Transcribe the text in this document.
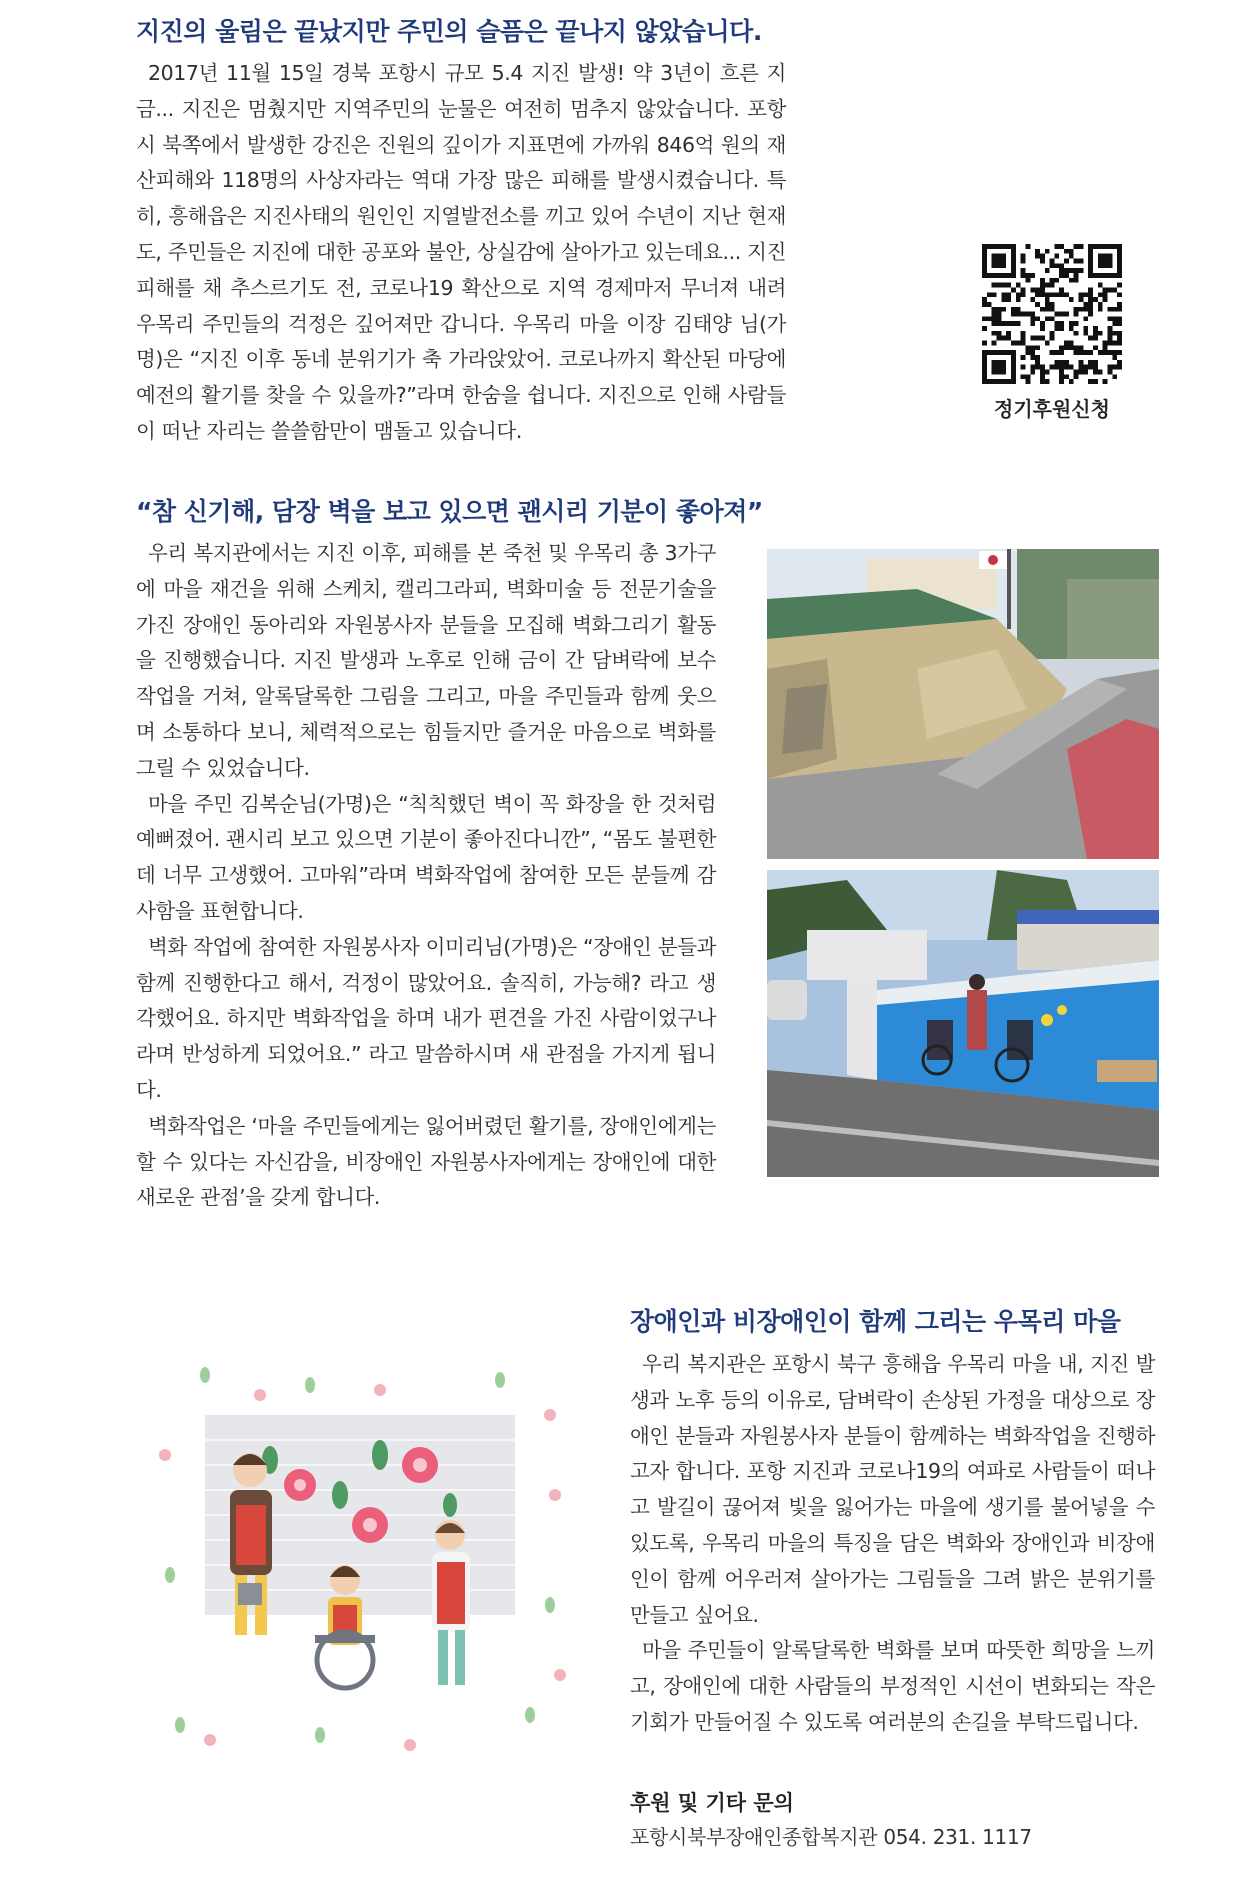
지진의 울림은 끝났지만 주민의 슬픔은 끝나지 않았습니다.

2017년 11월 15일 경북 포항시 규모 5.4 지진 발생! 약 3년이 흐른 지금... 지진은 멈췄지만 지역주민의 눈물은 여전히 멈추지 않았습니다. 포항시 북쪽에서 발생한 강진은 진원의 깊이가 지표면에 가까워 846억 원의 재산피해와 118명의 사상자라는 역대 가장 많은 피해를 발생시켰습니다. 특히, 흥해읍은 지진사태의 원인인 지열발전소를 끼고 있어 수년이 지난 현재도, 주민들은 지진에 대한 공포와 불안, 상실감에 살아가고 있는데요... 지진 피해를 채 추스르기도 전, 코로나19 확산으로 지역 경제마저 무너져 내려 우목리 주민들의 걱정은 깊어져만 갑니다. 우목리 마을 이장 김태양 님(가명)은 “지진 이후 동네 분위기가 축 가라앉았어. 코로나까지 확산된 마당에 예전의 활기를 찾을 수 있을까?”라며 한숨을 쉽니다. 지진으로 인해 사람들이 떠난 자리는 쓸쓸함만이 맴돌고 있습니다.

정기후원신청
“참 신기해, 담장 벽을 보고 있으면 괜시리 기분이 좋아져”

우리 복지관에서는 지진 이후, 피해를 본 죽천 및 우목리 총 3가구에 마을 재건을 위해 스케치, 캘리그라피, 벽화미술 등 전문기술을 가진 장애인 동아리와 자원봉사자 분들을 모집해 벽화그리기 활동을 진행했습니다. 지진 발생과 노후로 인해 금이 간 담벼락에 보수작업을 거쳐, 알록달록한 그림을 그리고, 마을 주민들과 함께 웃으며 소통하다 보니, 체력적으로는 힘들지만 즐거운 마음으로 벽화를 그릴 수 있었습니다.

마을 주민 김복순님(가명)은 “칙칙했던 벽이 꼭 화장을 한 것처럼 예뻐졌어. 괜시리 보고 있으면 기분이 좋아진다니깐”, “몸도 불편한데 너무 고생했어. 고마워”라며 벽화작업에 참여한 모든 분들께 감사함을 표현합니다.

벽화 작업에 참여한 자원봉사자 이미리님(가명)은 “장애인 분들과 함께 진행한다고 해서, 걱정이 많았어요. 솔직히, 가능해? 라고 생각했어요. 하지만 벽화작업을 하며 내가 편견을 가진 사람이었구나라며 반성하게 되었어요.” 라고 말씀하시며 새 관점을 가지게 됩니다.

벽화작업은 ‘마을 주민들에게는 잃어버렸던 활기를, 장애인에게는 할 수 있다는 자신감을, 비장애인 자원봉사자에게는 장애인에 대한 새로운 관점’을 갖게 합니다.

장애인과 비장애인이 함께 그리는 우목리 마을

우리 복지관은 포항시 북구 흥해읍 우목리 마을 내, 지진 발생과 노후 등의 이유로, 담벼락이 손상된 가정을 대상으로 장애인 분들과 자원봉사자 분들이 함께하는 벽화작업을 진행하고자 합니다. 포항 지진과 코로나19의 여파로 사람들이 떠나고 발길이 끊어져 빛을 잃어가는 마을에 생기를 불어넣을 수 있도록, 우목리 마을의 특징을 담은 벽화와 장애인과 비장애인이 함께 어우러져 살아가는 그림들을 그려 밝은 분위기를 만들고 싶어요.

마을 주민들이 알록달록한 벽화를 보며 따뜻한 희망을 느끼고, 장애인에 대한 사람들의 부정적인 시선이 변화되는 작은 기회가 만들어질 수 있도록 여러분의 손길을 부탁드립니다.

후원 및 기타 문의
포항시북부장애인종합복지관 054. 231. 1117
